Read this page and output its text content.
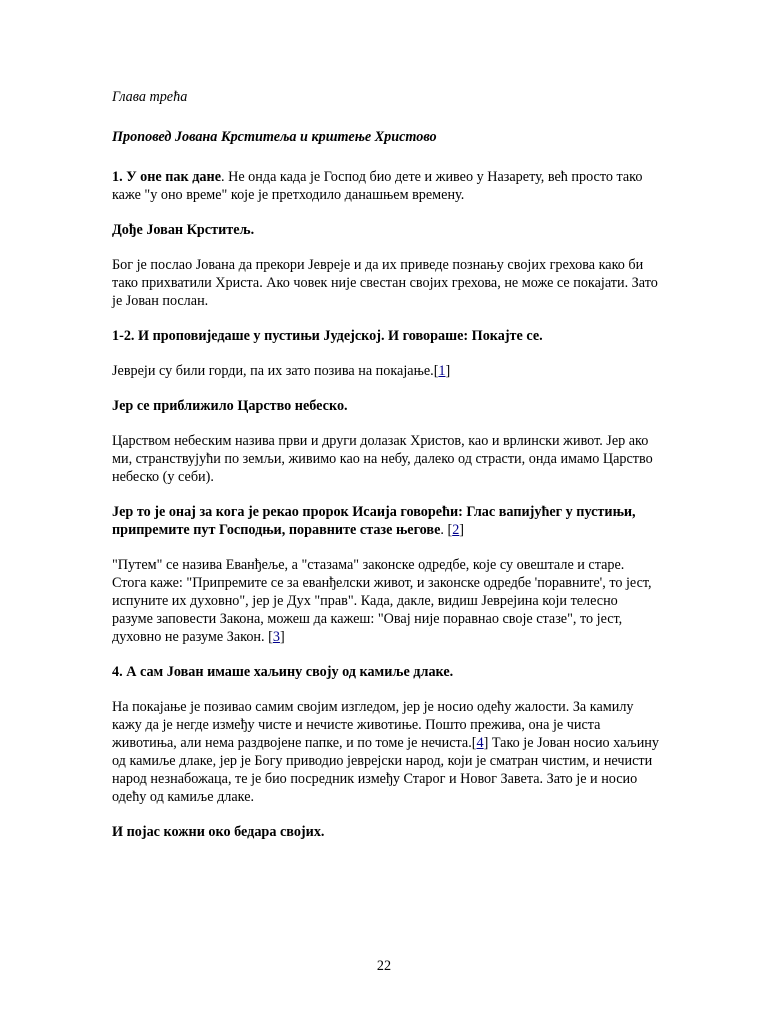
Глава трећа

Проповед Јована Крститеља и крштење Христово

1. У оне пак дане. Не онда када је Господ био дете и живео у Назарету, већ просто тако каже "у оно време" које је претходило данашњем времену.

Дође Јован Крститељ.

Бог је послао Јована да прекори Јевреје и да их приведе познању својих грехова како би тако прихватили Христа. Ако човек није свестан својих грехова, не може се покајати. Зато је Јован послан.

1-2. И проповиједаше у пустињи Јудејској. И говораше: Покајте се.

Јевреји су били горди, па их зато позива на покајање.[1]

Јер се приближило Царство небеско.

Царством небеским назива први и други долазак Христов, као и врлински живот. Јер ако ми, странствујући по земљи, живимо као на небу, далеко од страсти, онда имамо Царство небеско (у себи).

Јер то је онај за кога је рекао пророк Исаија говорећи: Глас вапијућег у пустињи, припремите пут Господњи, поравните стазе његове. [2]

"Путем" се назива Еванђеље, а "стазама" законске одредбе, које су овештале и старе. Стога каже: "Припремите се за еванђелски живот, и законске одредбе 'поравните', то јест, испуните их духовно", јер је Дух "прав". Када, дакле, видиш Јеврејина који телесно разуме заповести Закона, можеш да кажеш: "Овај није поравнао своје стазе", то јест, духовно не разуме Закон. [3]

4. А сам Јован имаше хаљину своју од камиље длаке.

На покајање је позивао самим својим изгледом, јер је носио одећу жалости. За камилу кажу да је негде између чисте и нечисте животиње. Пошто прежива, она је чиста животиња, али нема раздвојене папке, и по томе је нечиста.[4] Тако је Јован носио хаљину од камиље длаке, јер је Богу приводио јеврејски народ, који је сматран чистим, и нечисти народ незнабожаца, те је био посредник између Старог и Новог Завета. Зато је и носио одећу од камиље длаке.

И појас кожни око бедара својих.

22
